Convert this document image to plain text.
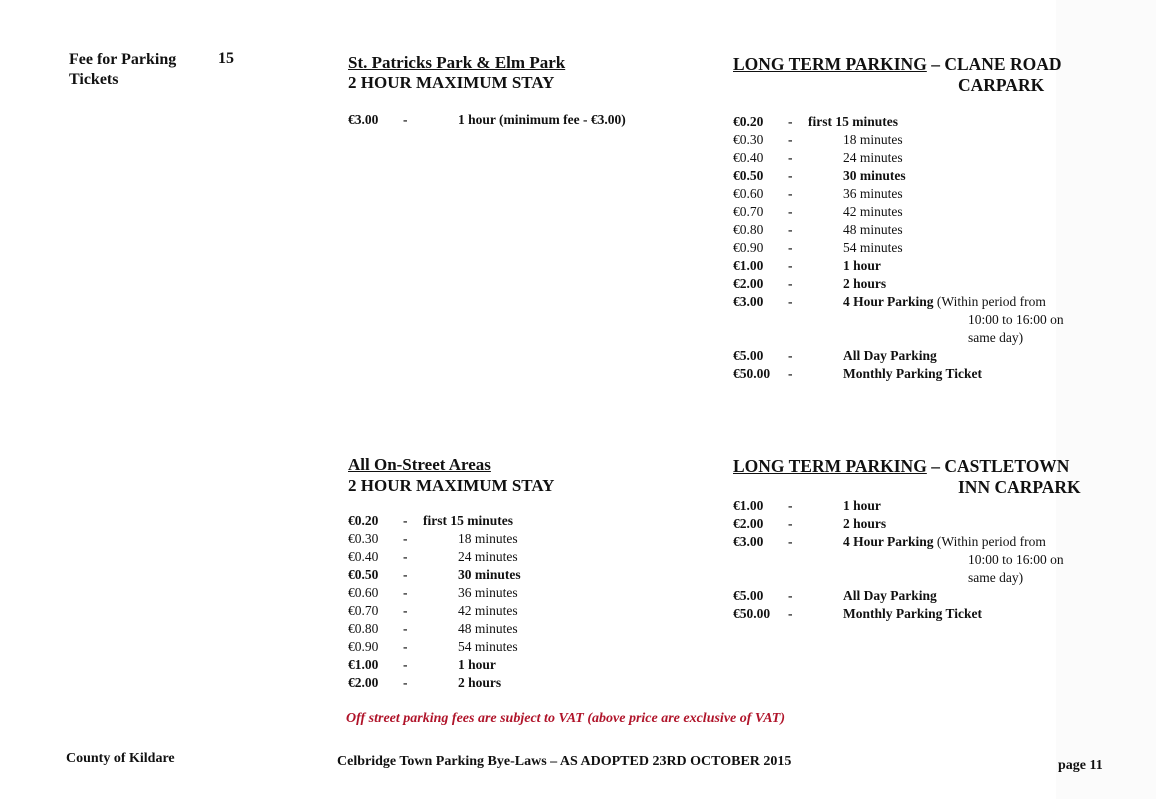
Fee for Parking
Tickets
15	St. Patricks Park & Elm Park
2 HOUR MAXIMUM STAY
€3.00 -	1 hour (minimum fee - €3.00)
LONG TERM PARKING – CLANE ROAD
CARPARK
€0.20 - first 15 minutes
€0.30 -	18 minutes
€0.40 -	24 minutes
€0.50 -	30 minutes
€0.60 -	36 minutes
€0.70 -	42 minutes
€0.80 -	48 minutes
€0.90 -	54 minutes
€1.00 -	1 hour
€2.00 -	2 hours
€3.00 -	4 Hour Parking (Within period from
10:00 to 16:00 on
same day)
€5.00 -	All Day Parking
€50.00 -	Monthly Parking Ticket
All On-Street Areas
2 HOUR MAXIMUM STAY
€0.20 - first 15 minutes
€0.30 -	18 minutes
€0.40 -	24 minutes
€0.50 -	30 minutes
€0.60 -	36 minutes
€0.70 -	42 minutes
€0.80 -	48 minutes
€0.90 -	54 minutes
€1.00 -	1 hour
€2.00 -	2 hours
LONG TERM PARKING – CASTLETOWN
INN CARPARK
€1.00 -	1 hour
€2.00 -	2 hours
€3.00 -	4 Hour Parking (Within period from
10:00 to 16:00 on
same day)
€5.00 -	All Day Parking
€50.00 -	Monthly Parking Ticket
Off street parking fees are subject to VAT (above price are exclusive of VAT)
County of Kildare	Celbridge Town Parking Bye-Laws – AS ADOPTED 23RD OCTOBER 2015	page 11
